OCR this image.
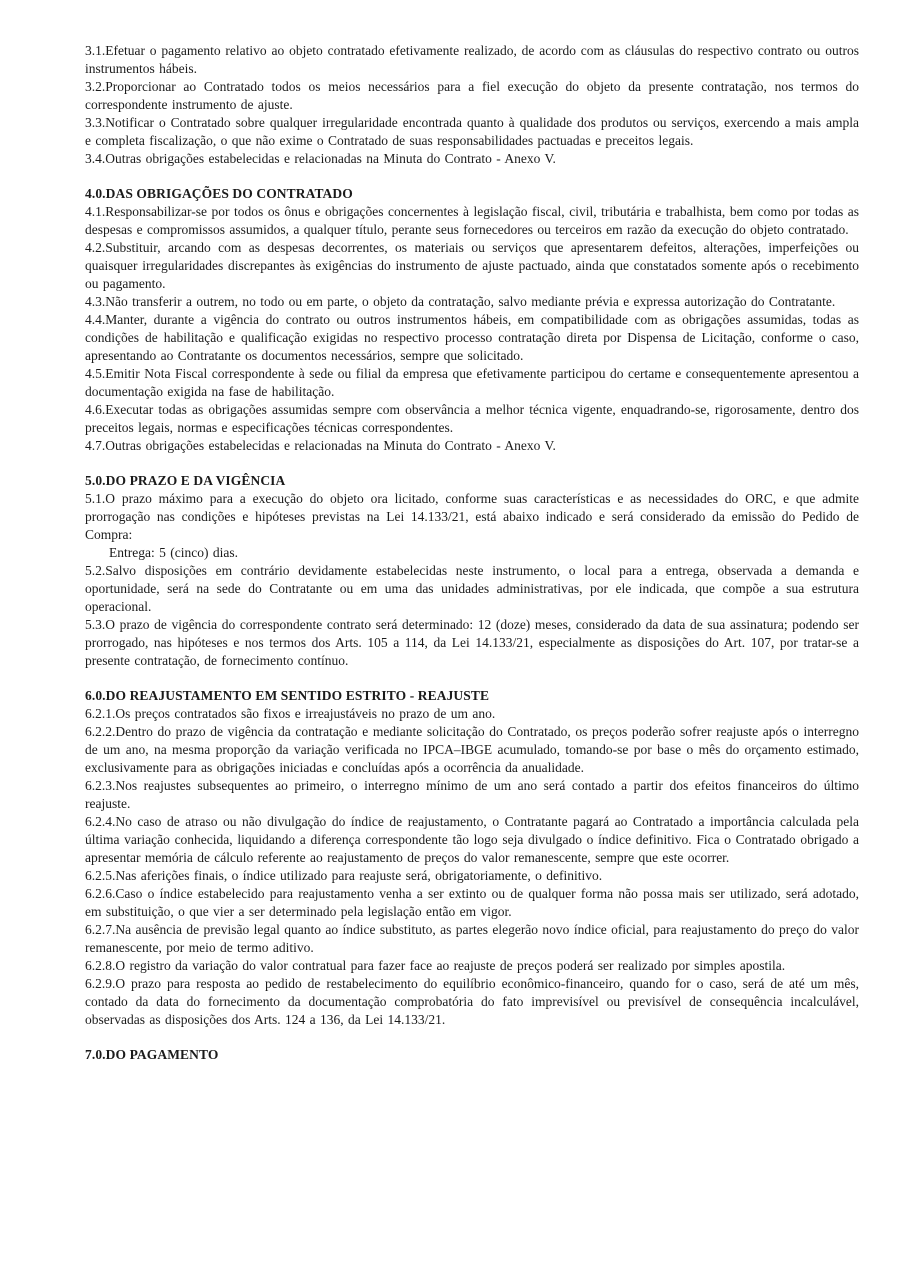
3.1.Efetuar o pagamento relativo ao objeto contratado efetivamente realizado, de acordo com as cláusulas do respectivo contrato ou outros instrumentos hábeis.

3.2.Proporcionar ao Contratado todos os meios necessários para a fiel execução do objeto da presente contratação, nos termos do correspondente instrumento de ajuste.

3.3.Notificar o Contratado sobre qualquer irregularidade encontrada quanto à qualidade dos produtos ou serviços, exercendo a mais ampla e completa fiscalização, o que não exime o Contratado de suas responsabilidades pactuadas e preceitos legais.

3.4.Outras obrigações estabelecidas e relacionadas na Minuta do Contrato - Anexo V.

4.0.DAS OBRIGAÇÕES DO CONTRATADO

4.1.Responsabilizar-se por todos os ônus e obrigações concernentes à legislação fiscal, civil, tributária e trabalhista, bem como por todas as despesas e compromissos assumidos, a qualquer título, perante seus fornecedores ou terceiros em razão da execução do objeto contratado.

4.2.Substituir, arcando com as despesas decorrentes, os materiais ou serviços que apresentarem defeitos, alterações, imperfeições ou quaisquer irregularidades discrepantes às exigências do instrumento de ajuste pactuado, ainda que constatados somente após o recebimento ou pagamento.

4.3.Não transferir a outrem, no todo ou em parte, o objeto da contratação, salvo mediante prévia e expressa autorização do Contratante.

4.4.Manter, durante a vigência do contrato ou outros instrumentos hábeis, em compatibilidade com as obrigações assumidas, todas as condições de habilitação e qualificação exigidas no respectivo processo contratação direta por Dispensa de Licitação, conforme o caso, apresentando ao Contratante os documentos necessários, sempre que solicitado.

4.5.Emitir Nota Fiscal correspondente à sede ou filial da empresa que efetivamente participou do certame e consequentemente apresentou a documentação exigida na fase de habilitação.

4.6.Executar todas as obrigações assumidas sempre com observância a melhor técnica vigente, enquadrando-se, rigorosamente, dentro dos preceitos legais, normas e especificações técnicas correspondentes.

4.7.Outras obrigações estabelecidas e relacionadas na Minuta do Contrato - Anexo V.

5.0.DO PRAZO E DA VIGÊNCIA

5.1.O prazo máximo para a execução do objeto ora licitado, conforme suas características e as necessidades do ORC, e que admite prorrogação nas condições e hipóteses previstas na Lei 14.133/21, está abaixo indicado e será considerado da emissão do Pedido de Compra:

Entrega: 5 (cinco) dias.

5.2.Salvo disposições em contrário devidamente estabelecidas neste instrumento, o local para a entrega, observada a demanda e oportunidade, será na sede do Contratante ou em uma das unidades administrativas, por ele indicada, que compõe a sua estrutura operacional.

5.3.O prazo de vigência do correspondente contrato será determinado: 12 (doze) meses, considerado da data de sua assinatura; podendo ser prorrogado, nas hipóteses e nos termos dos Arts. 105 a 114, da Lei 14.133/21, especialmente as disposições do Art. 107, por tratar-se a presente contratação, de fornecimento contínuo.

6.0.DO REAJUSTAMENTO EM SENTIDO ESTRITO - REAJUSTE

6.2.1.Os preços contratados são fixos e irreajustáveis no prazo de um ano.

6.2.2.Dentro do prazo de vigência da contratação e mediante solicitação do Contratado, os preços poderão sofrer reajuste após o interregno de um ano, na mesma proporção da variação verificada no IPCA–IBGE acumulado, tomando-se por base o mês do orçamento estimado, exclusivamente para as obrigações iniciadas e concluídas após a ocorrência da anualidade.

6.2.3.Nos reajustes subsequentes ao primeiro, o interregno mínimo de um ano será contado a partir dos efeitos financeiros do último reajuste.

6.2.4.No caso de atraso ou não divulgação do índice de reajustamento, o Contratante pagará ao Contratado a importância calculada pela última variação conhecida, liquidando a diferença correspondente tão logo seja divulgado o índice definitivo. Fica o Contratado obrigado a apresentar memória de cálculo referente ao reajustamento de preços do valor remanescente, sempre que este ocorrer.

6.2.5.Nas aferições finais, o índice utilizado para reajuste será, obrigatoriamente, o definitivo.

6.2.6.Caso o índice estabelecido para reajustamento venha a ser extinto ou de qualquer forma não possa mais ser utilizado, será adotado, em substituição, o que vier a ser determinado pela legislação então em vigor.

6.2.7.Na ausência de previsão legal quanto ao índice substituto, as partes elegerão novo índice oficial, para reajustamento do preço do valor remanescente, por meio de termo aditivo.

6.2.8.O registro da variação do valor contratual para fazer face ao reajuste de preços poderá ser realizado por simples apostila.

6.2.9.O prazo para resposta ao pedido de restabelecimento do equilíbrio econômico-financeiro, quando for o caso, será de até um mês, contado da data do fornecimento da documentação comprobatória do fato imprevisível ou previsível de consequência incalculável, observadas as disposições dos Arts. 124 a 136, da Lei 14.133/21.

7.0.DO PAGAMENTO
